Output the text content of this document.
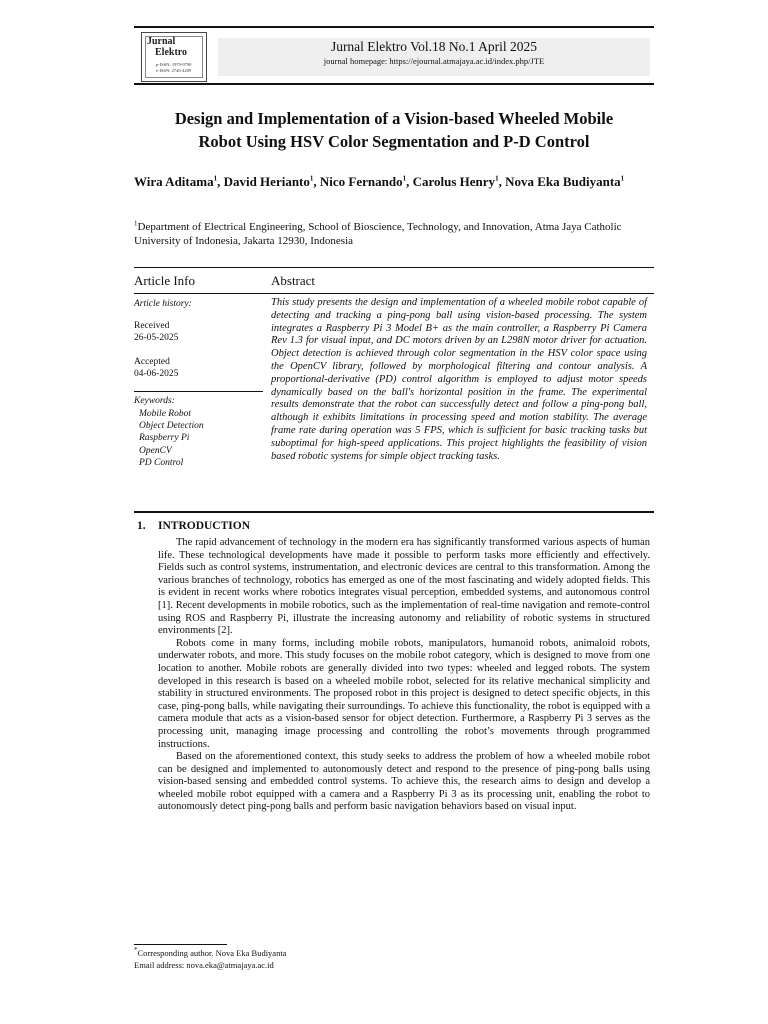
Jurnal
Elektro
p-ISSN: 1979-9790
e-ISSN: 2746-4289
Jurnal Elektro Vol.18 No.1 April 2025
journal homepage: https://ejournal.atmajaya.ac.id/index.php/JTE
Design and Implementation of a Vision-based Wheeled Mobile
Robot Using HSV Color Segmentation and P-D Control
Wira Aditama$^1$, David Herianto$^1$, Nico Fernando$^1$, Carolus Henry$^1$, Nova Eka Budiyanta$^1$
$^1$Department of Electrical Engineering, School of Bioscience, Technology, and Innovation, Atma Jaya Catholic University of Indonesia, Jakarta 12930, Indonesia
Article Info	Abstract
Article history:
Received
26-05-2025
Accepted
04-06-2025
Keywords:
Mobile Robot
Object Detection
Raspberry Pi
OpenCV
PD Control
This study presents the design and implementation of a wheeled mobile robot capable of detecting and tracking a ping-pong ball using vision-based processing. The system integrates a Raspberry Pi 3 Model B+ as the main controller, a Raspberry Pi Camera Rev 1.3 for visual input, and DC motors driven by an L298N motor driver for actuation. Object detection is achieved through color segmentation in the HSV color space using the OpenCV library, followed by morphological filtering and contour analysis. A proportional-derivative (PD) control algorithm is employed to adjust motor speeds dynamically based on the ball's horizontal position in the frame. The experimental results demonstrate that the robot can successfully detect and follow a ping-pong ball, although it exhibits limitations in processing speed and motion stability. The average frame rate during operation was 5 FPS, which is sufficient for basic tracking tasks but suboptimal for high-speed applications. This project highlights the feasibility of vision based robotic systems for simple object tracking tasks.
1. INTRODUCTION

The rapid advancement of technology in the modern era has significantly transformed various aspects of human life. These technological developments have made it possible to perform tasks more efficiently and effectively. Fields such as control systems, instrumentation, and electronic devices are central to this transformation. Among the various branches of technology, robotics has emerged as one of the most fascinating and widely adopted fields. This is evident in recent works where robotics integrates visual perception, embedded systems, and autonomous control [1]. Recent developments in mobile robotics, such as the implementation of real-time navigation and remote-control using ROS and Raspberry Pi, illustrate the increasing autonomy and reliability of robotic systems in structured environments [2].

Robots come in many forms, including mobile robots, manipulators, humanoid robots, animaloid robots, underwater robots, and more. This study focuses on the mobile robot category, which is designed to move from one location to another. Mobile robots are generally divided into two types: wheeled and legged robots. The system developed in this research is based on a wheeled mobile robot, selected for its relative mechanical simplicity and stability in structured environments. The proposed robot in this project is designed to detect specific objects, in this case, ping-pong balls, while navigating their surroundings. To achieve this functionality, the robot is equipped with a camera module that acts as a vision-based sensor for object detection. Furthermore, a Raspberry Pi 3 serves as the processing unit, managing image processing and controlling the robot’s movements through programmed instructions.

Based on the aforementioned context, this study seeks to address the problem of how a wheeled mobile robot can be designed and implemented to autonomously detect and respond to the presence of ping-pong balls using vision-based sensing and embedded control systems. To achieve this, the research aims to design and develop a wheeled mobile robot equipped with a camera and a Raspberry Pi 3 as its processing unit, enabling the robot to autonomously detect ping-pong balls and perform basic navigation behaviors based on visual input.

*Corresponding author. Nova Eka Budiyanta
Email address: nova.eka@atmajaya.ac.id
